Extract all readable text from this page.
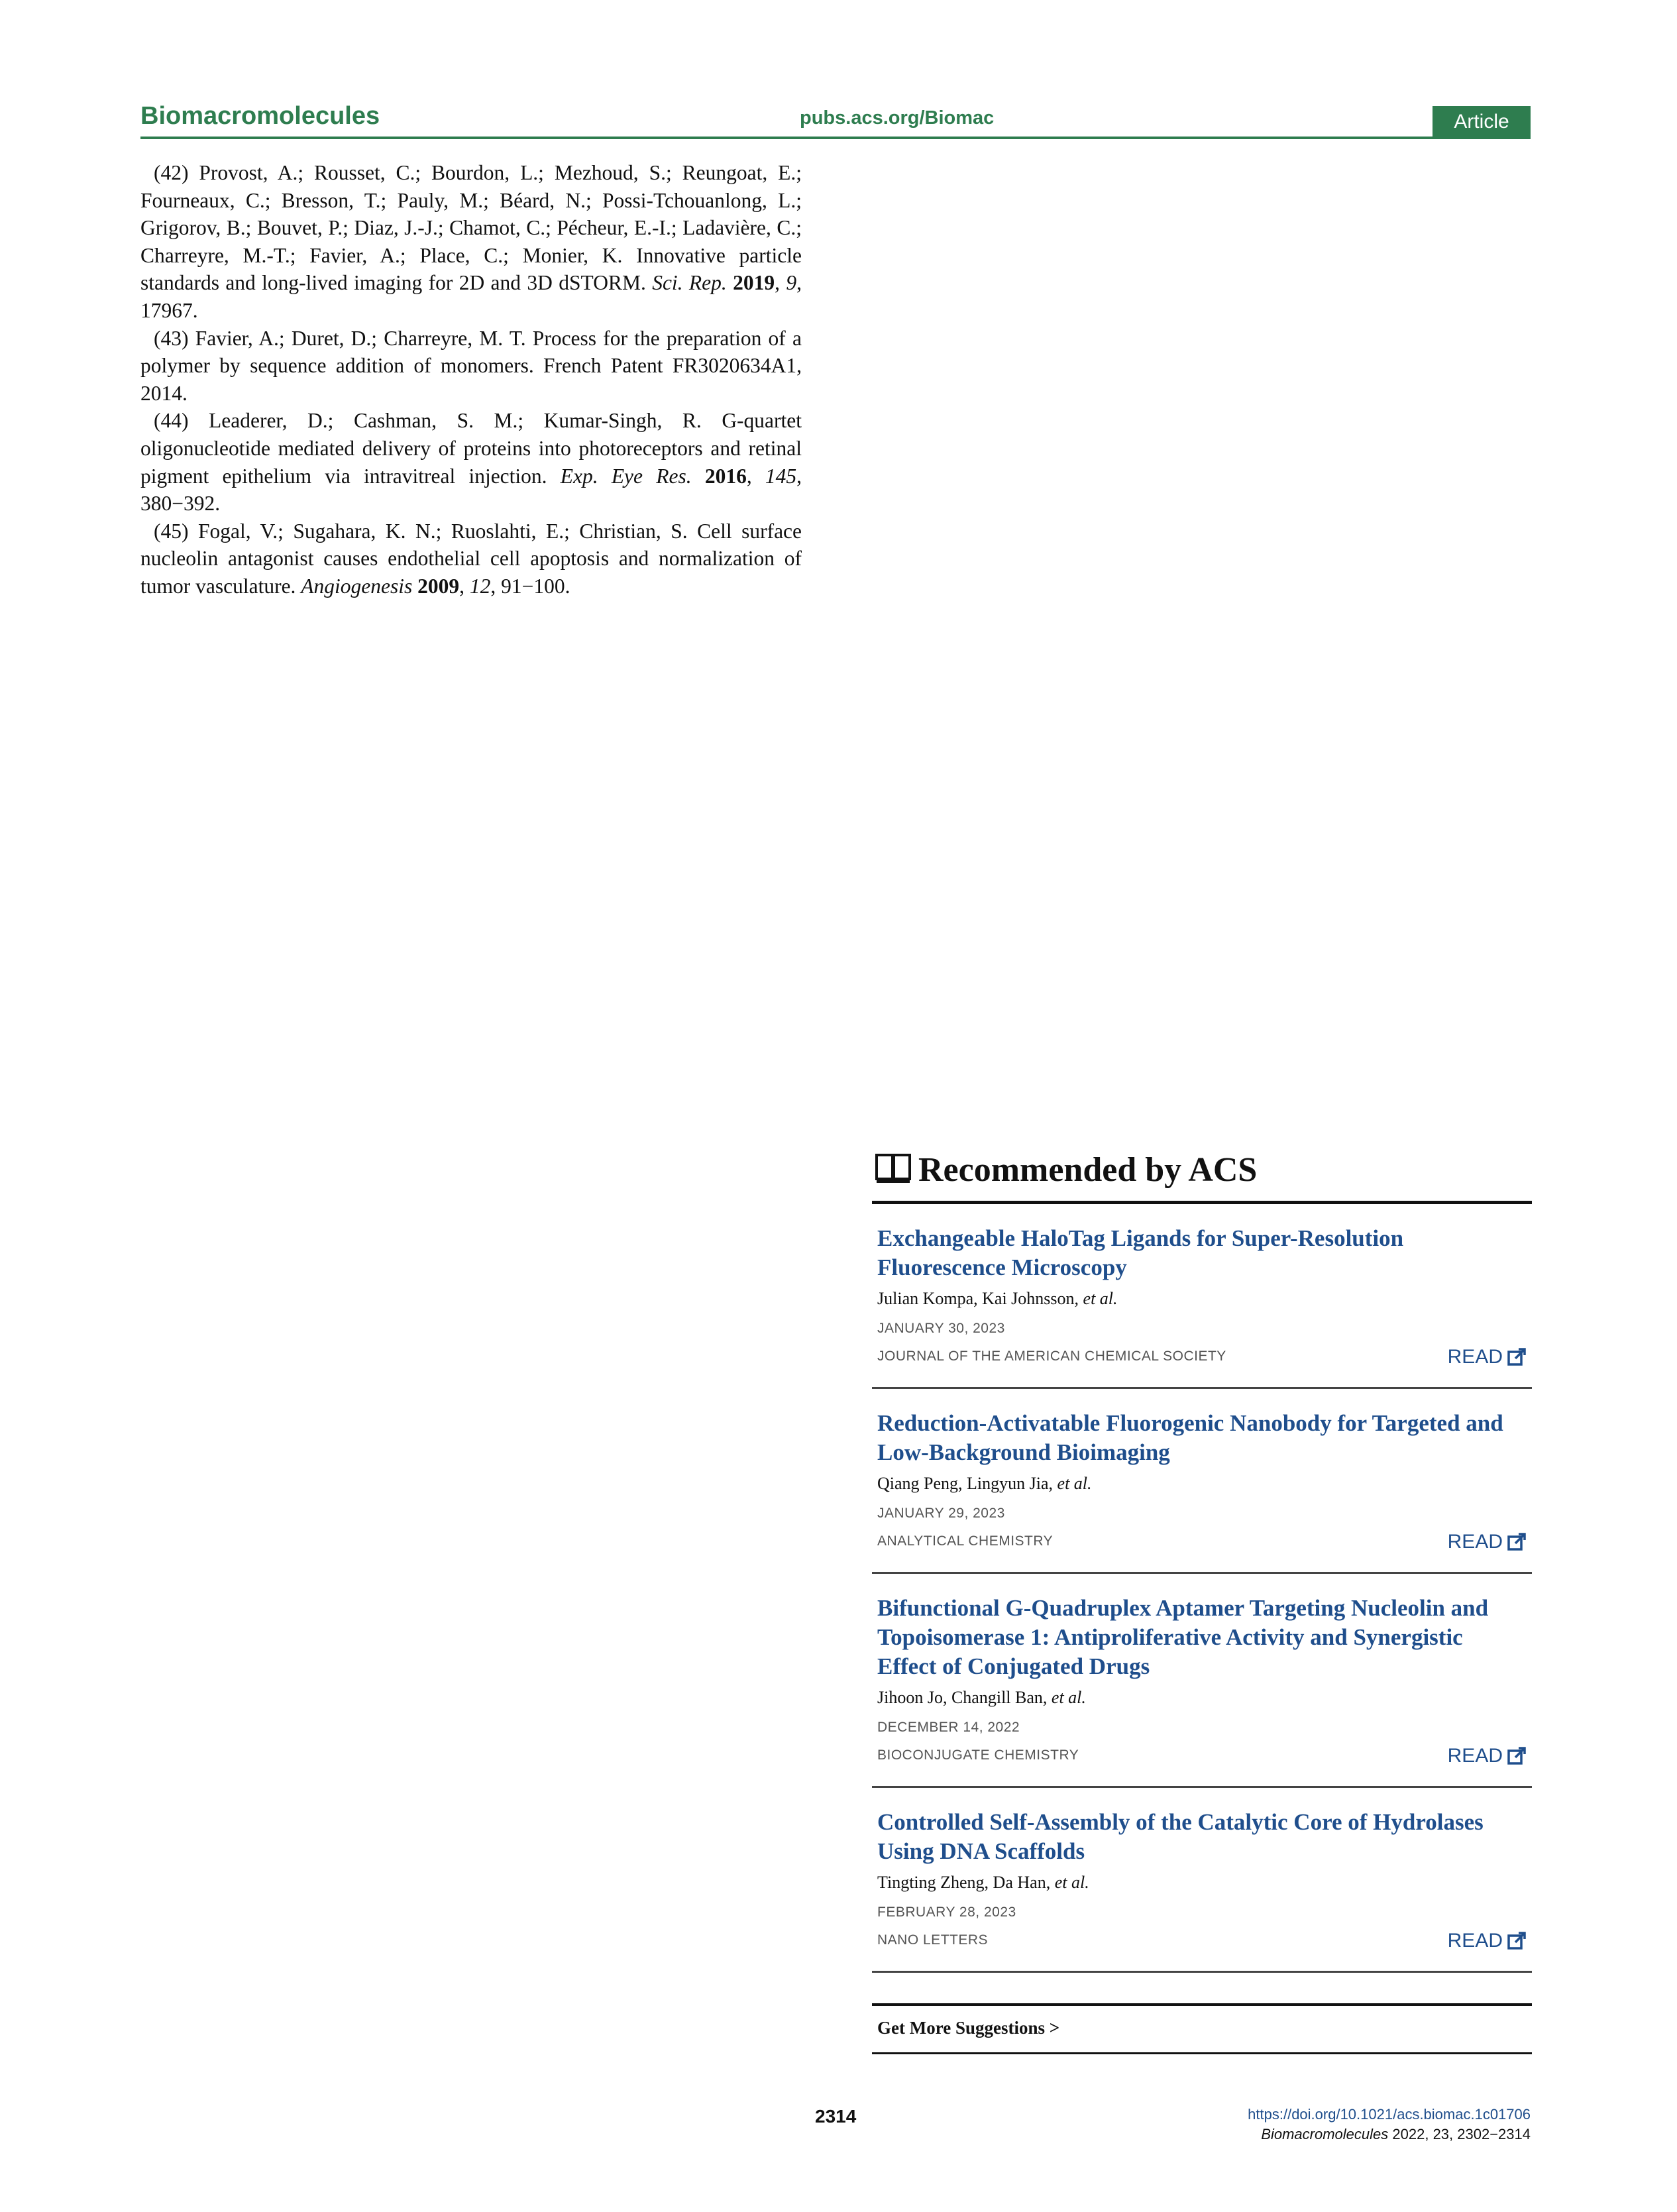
Biomacromolecules	pubs.acs.org/Biomac	Article

(42) Provost, A.; Rousset, C.; Bourdon, L.; Mezhoud, S.; Reungoat, E.; Fourneaux, C.; Bresson, T.; Pauly, M.; Béard, N.; Possi-Tchouanlong, L.; Grigorov, B.; Bouvet, P.; Diaz, J.-J.; Chamot, C.; Pécheur, E.-I.; Ladavière, C.; Charreyre, M.-T.; Favier, A.; Place, C.; Monier, K. Innovative particle standards and long-lived imaging for 2D and 3D dSTORM. Sci. Rep. 2019, 9, 17967.

(43) Favier, A.; Duret, D.; Charreyre, M. T. Process for the preparation of a polymer by sequence addition of monomers. French Patent FR3020634A1, 2014.

(44) Leaderer, D.; Cashman, S. M.; Kumar-Singh, R. G-quartet oligonucleotide mediated delivery of proteins into photoreceptors and retinal pigment epithelium via intravitreal injection. Exp. Eye Res. 2016, 145, 380−392.

(45) Fogal, V.; Sugahara, K. N.; Ruoslahti, E.; Christian, S. Cell surface nucleolin antagonist causes endothelial cell apoptosis and normalization of tumor vasculature. Angiogenesis 2009, 12, 91−100.

Recommended by ACS
Exchangeable HaloTag Ligands for Super-Resolution Fluorescence Microscopy
Julian Kompa, Kai Johnsson, et al.
JANUARY 30, 2023
JOURNAL OF THE AMERICAN CHEMICAL SOCIETY	READ
Reduction-Activatable Fluorogenic Nanobody for Targeted and Low-Background Bioimaging
Qiang Peng, Lingyun Jia, et al.
JANUARY 29, 2023
ANALYTICAL CHEMISTRY	READ
Bifunctional G-Quadruplex Aptamer Targeting Nucleolin and Topoisomerase 1: Antiproliferative Activity and Synergistic Effect of Conjugated Drugs
Jihoon Jo, Changill Ban, et al.
DECEMBER 14, 2022
BIOCONJUGATE CHEMISTRY	READ
Controlled Self-Assembly of the Catalytic Core of Hydrolases Using DNA Scaffolds
Tingting Zheng, Da Han, et al.
FEBRUARY 28, 2023
NANO LETTERS	READ
Get More Suggestions >
2314	https://doi.org/10.1021/acs.biomac.1c01706
Biomacromolecules 2022, 23, 2302−2314
